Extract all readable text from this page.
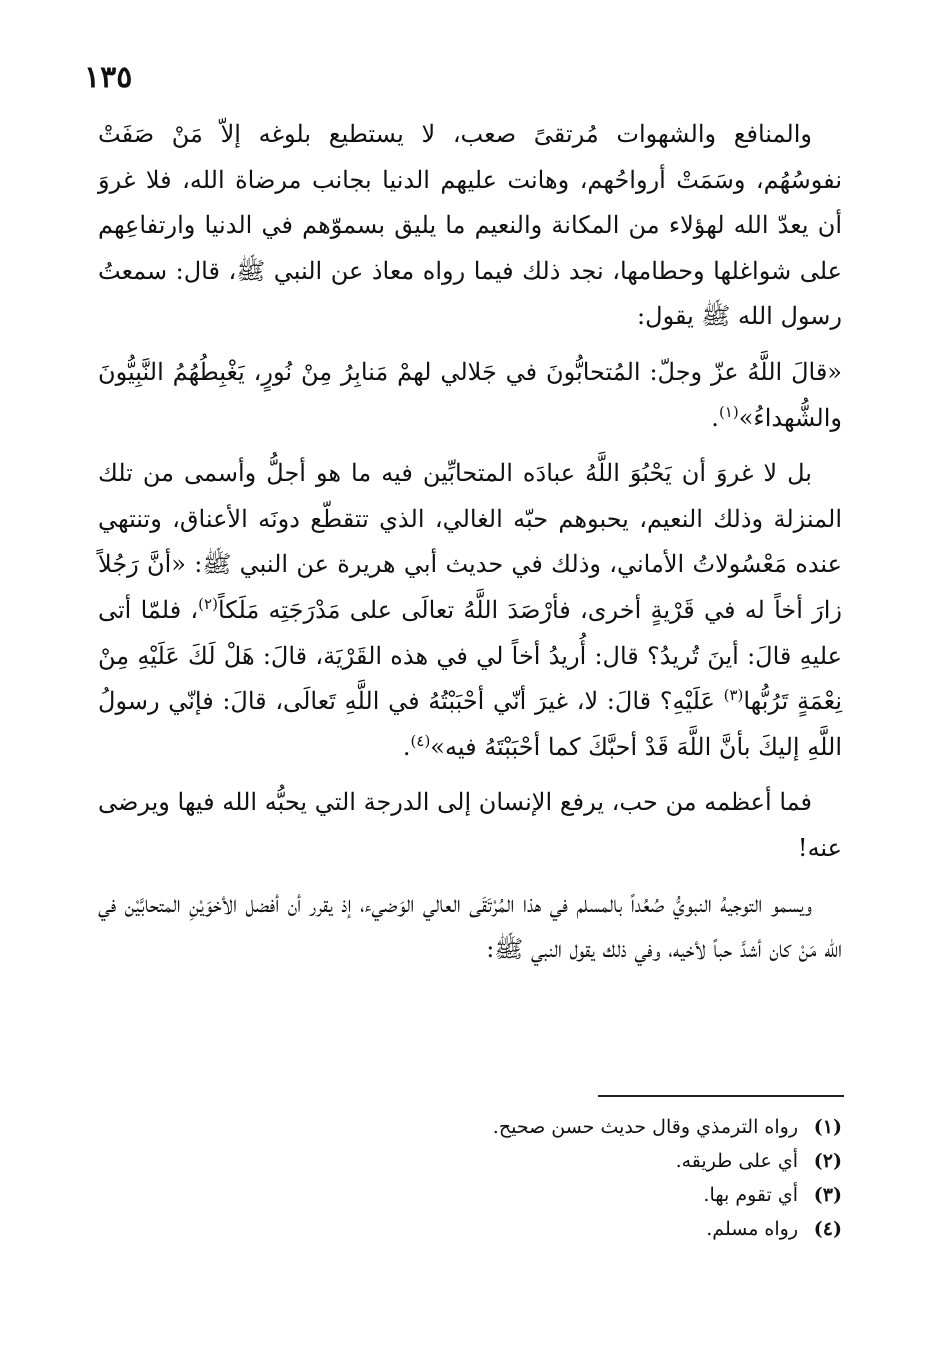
١٣٥

والمنافع والشهوات مُرتقىً صعب، لا يستطيع بلوغه إلاّ مَنْ صَفَتْ نفوسُهُم، وسَمَتْ أرواحُهم، وهانت عليهم الدنيا بجانب مرضاة الله، فلا غروَ أن يعدّ الله لهؤلاء من المكانة والنعيم ما يليق بسموّهم في الدنيا وارتفاعِهم على شواغلها وحطامها، نجد ذلك فيما رواه معاذ عن النبي ﷺ، قال: سمعتُ رسول الله ﷺ يقول:

«قالَ اللَّهُ عزّ وجلّ: المُتحابُّونَ في جَلالي لهمْ مَنابِرُ مِنْ نُورٍ، يَغْبِطُهُمُ النَّبِيُّونَ والشُّهداءُ»$^{(١)}$.

بل لا غروَ أن يَحْبُوَ اللَّهُ عبادَه المتحابِّين فيه ما هو أجلُّ وأسمى من تلك المنزلة وذلك النعيم، يحبوهم حبّه الغالي، الذي تتقطّع دونَه الأعناق، وتنتهي عنده مَعْسُولاتُ الأماني، وذلك في حديث أبي هريرة عن النبي ﷺ: «أنَّ رَجُلاً زارَ أخاً له في قَرْيةٍ أخرى، فأرْصَدَ اللَّهُ تعالَى على مَدْرَجَتِه مَلَكاً$^{(٢)}$، فلمّا أتى عليهِ قالَ: أينَ تُريدُ؟ قال: أُريدُ أخاً لي في هذه القَرْيَة، قالَ: هَلْ لَكَ عَلَيْهِ مِنْ نِعْمَةٍ تَرُبُّها$^{(٣)}$ عَلَيْهِ؟ قالَ: لا، غيرَ أنّي أحْبَبْتُهُ في اللَّهِ تَعالَى، قالَ: فإنّي رسولُ اللَّهِ إليكَ بأنَّ اللَّهَ قَدْ أحبَّكَ كما أحْبَبْتَهُ فيه»$^{(٤)}$.

فما أعظمه من حب، يرفع الإنسان إلى الدرجة التي يحبُّه الله فيها ويرضى عنه!

ويسمو التوجيهُ النبويُّ صُعُداً بالمسلم في هذا المُرْتَقَى العالي الوَضيء، إذ يقرر أن أفضل الأخوَيْنِ المتحابَّيْن في الله مَنْ كان أشدَّ حباً لأخيه، وفي ذلك يقول النبي ﷺ:

(١)
رواه الترمذي وقال حديث حسن صحيح.
(٢)
أي على طريقه.
(٣)
أي تقوم بها.
(٤)
رواه مسلم.
